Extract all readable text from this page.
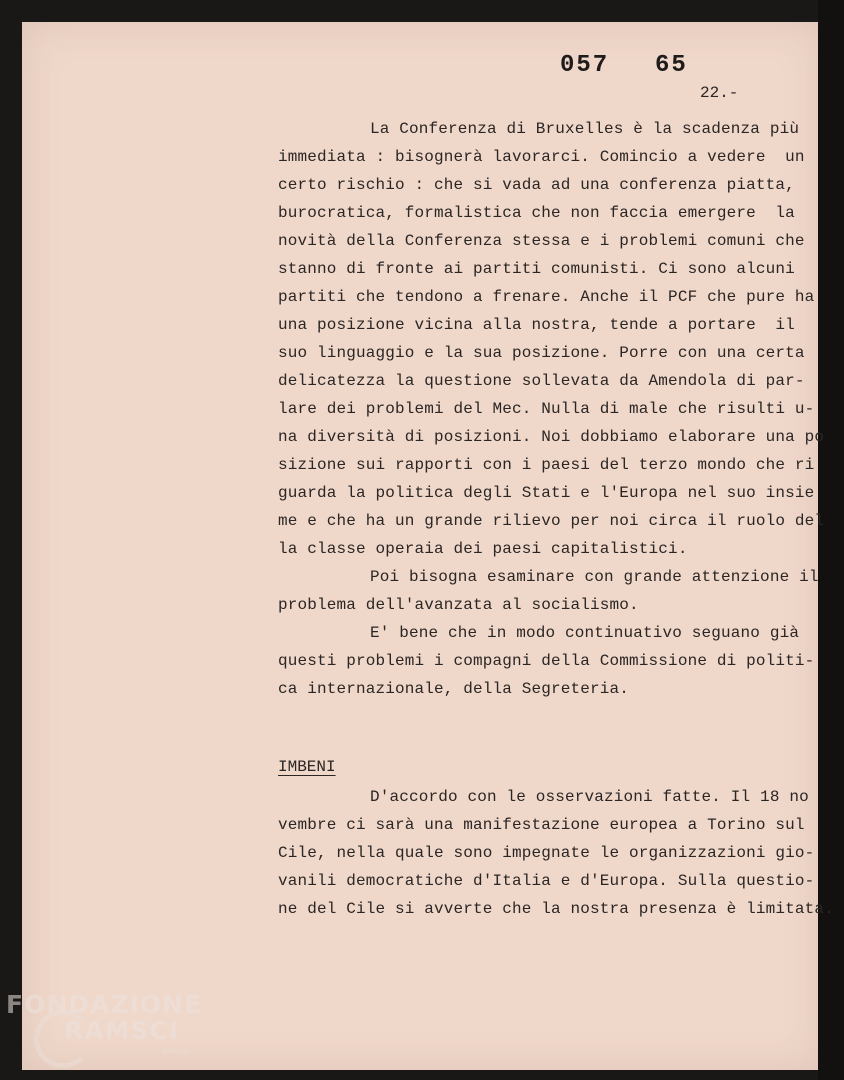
057 65
22.-
La Conferenza di Bruxelles è la scadenza più
immediata : bisognerà lavorarci. Comincio a vedere  un
certo rischio : che si vada ad una conferenza piatta,
burocratica, formalistica che non faccia emergere  la
novità della Conferenza stessa e i problemi comuni che
stanno di fronte ai partiti comunisti. Ci sono alcuni
partiti che tendono a frenare. Anche il PCF che pure ha
una posizione vicina alla nostra, tende a portare  il
suo linguaggio e la sua posizione. Porre con una certa
delicatezza la questione sollevata da Amendola di par-
lare dei problemi del Mec. Nulla di male che risulti u-
na diversità di posizioni. Noi dobbiamo elaborare una po
sizione sui rapporti con i paesi del terzo mondo che ri
guarda la politica degli Stati e l'Europa nel suo insie
me e che ha un grande rilievo per noi circa il ruolo del
la classe operaia dei paesi capitalistici.
Poi bisogna esaminare con grande attenzione il
problema dell'avanzata al socialismo.
E' bene che in modo continuativo seguano già
questi problemi i compagni della Commissione di politi-
ca internazionale, della Segreteria.
IMBENI
D'accordo con le osservazioni fatte. Il 18 no
vembre ci sarà una manifestazione europea a Torino sul
Cile, nella quale sono impegnate le organizzazioni gio-
vanili democratiche d'Italia e d'Europa. Sulla questio-
ne del Cile si avverte che la nostra presenza è limitata.
FONDAZIONE
RAMSCI
onlus
